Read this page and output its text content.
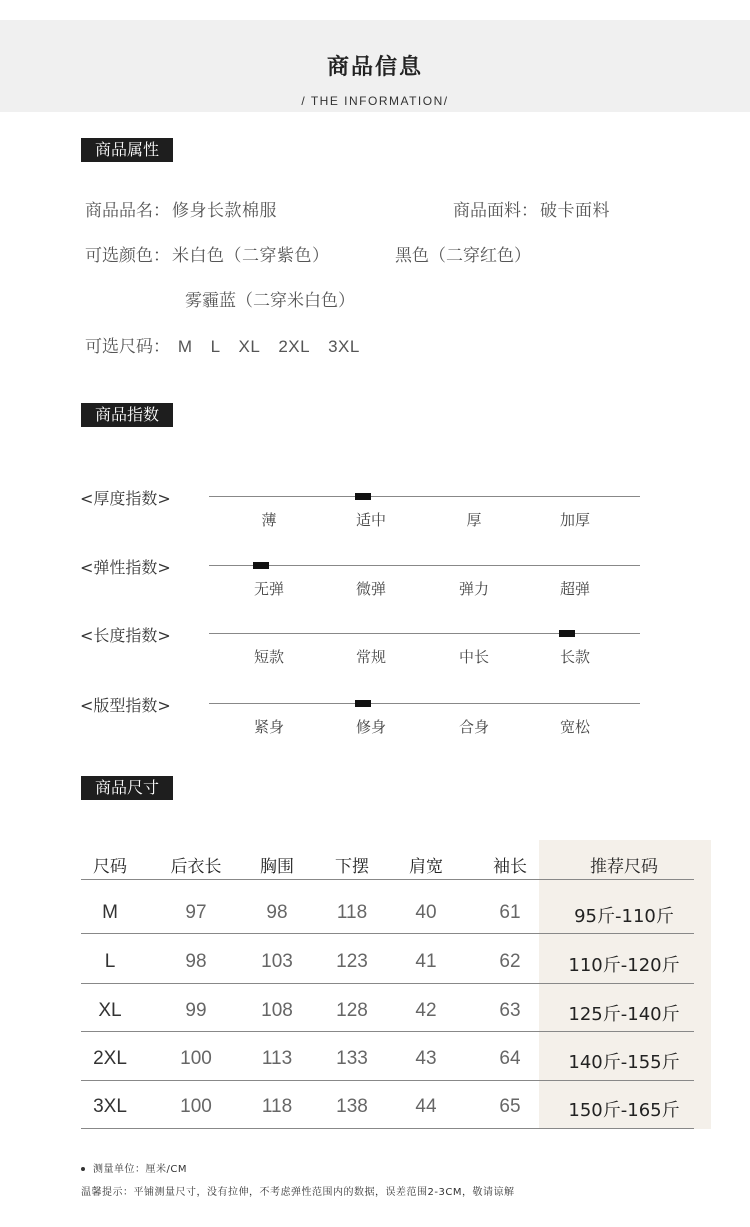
商品信息
/ THE INFORMATION/
商品属性
商品品名： 修身长款棉服	商品面料： 破卡面料
可选颜色： 米白色（二穿紫色）	黑色（二穿红色）
雾霾蓝（二穿米白色）
可选尺码： M L XL 2XL 3XL
商品指数
<厚度指数>
薄	适中	厚	加厚
<弹性指数>
无弹	微弹	弹力	超弹
<长度指数>
短款	常规	中长	长款
<版型指数>
紧身	修身	合身	宽松
商品尺寸
尺码	后衣长	胸围	下摆	肩宽	袖长	推荐尺码
M	97	98	118	40	61	95斤-110斤
L	98	103	123	41	62	110斤-120斤
XL	99	108	128	42	63	125斤-140斤
2XL	100	113	133	43	64	140斤-155斤
3XL	100	118	138	44	65	150斤-165斤
测量单位：厘米/CM
温馨提示：平铺测量尺寸，没有拉伸，不考虑弹性范围内的数据，误差范围2-3CM，敬请谅解
